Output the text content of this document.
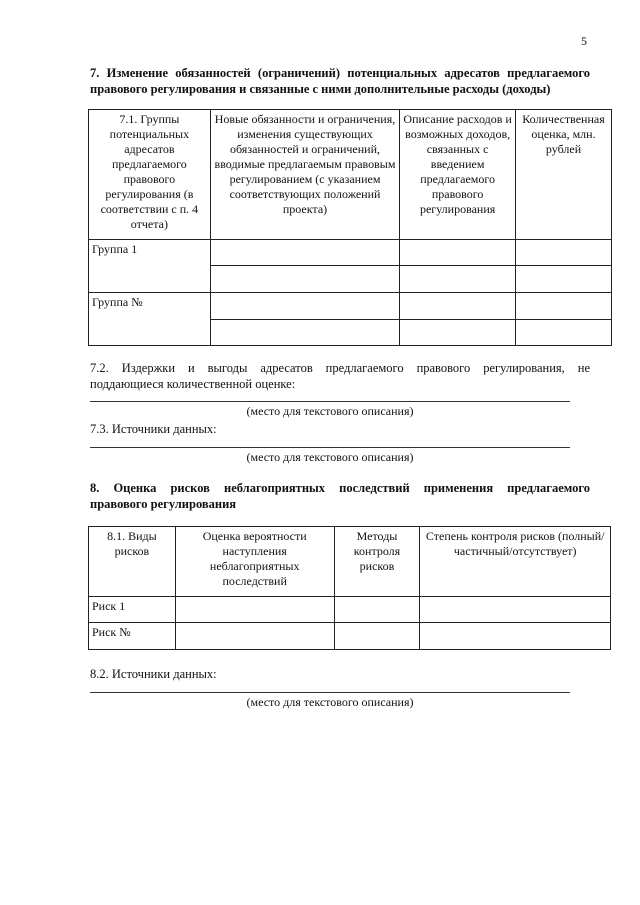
5
7. Изменение обязанностей (ограничений) потенциальных адресатов предлагаемого
правового регулирования и связанные с ними дополнительные расходы (доходы)
7.1. Группы потенциальных адресатов предлагаемого правового регулирования (в соответствии с п. 4 отчета)	Новые обязанности и ограничения, изменения существующих обязанностей и ограничений, вводимые предлагаемым правовым регулированием (с указанием соответствующих положений проекта)	Описание расходов и возможных доходов, связанных с введением предлагаемого правового регулирования	Количественная оценка, млн. рублей
Группа 1			

Группа №			

7.2. Издержки и выгоды адресатов предлагаемого правового регулирования, не
поддающиеся количественной оценке:
(место для текстового описания)
7.3. Источники данных:
(место для текстового описания)
8. Оценка рисков неблагоприятных последствий применения предлагаемого
правового регулирования
8.1. Виды рисков	Оценка вероятности наступления неблагоприятных последствий	Методы контроля рисков	Степень контроля рисков (полный/частичный/отсутствует)
Риск 1			
Риск №			
8.2. Источники данных:
(место для текстового описания)
